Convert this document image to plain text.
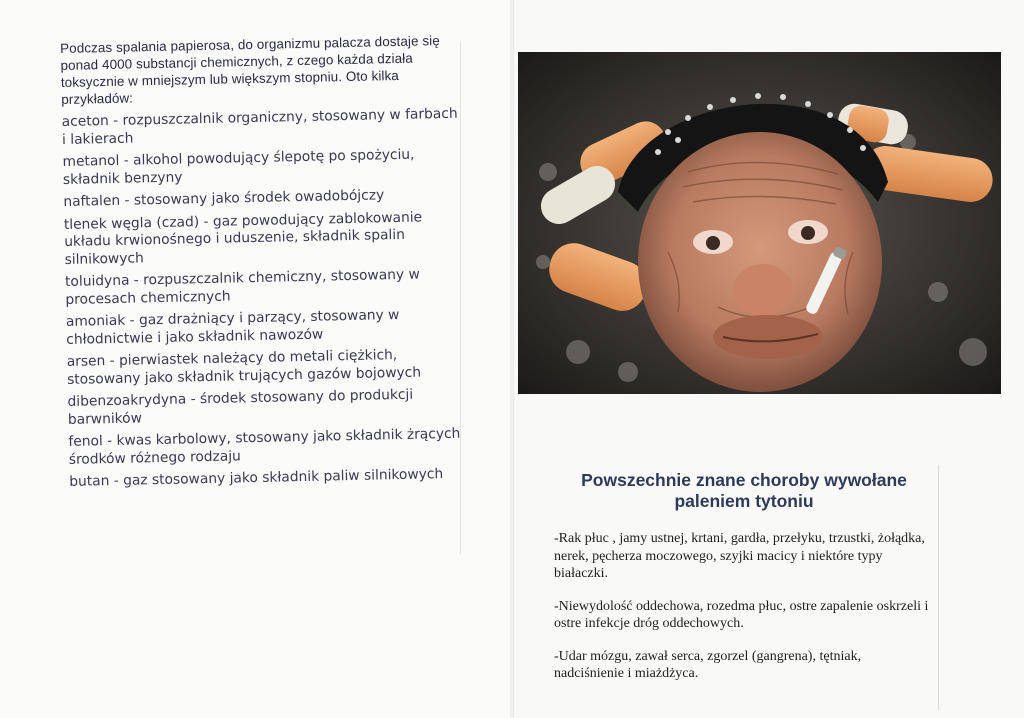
Podczas spalania papierosa, do organizmu palacza dostaje się ponad 4000 substancji chemicznych, z czego każda działa toksycznie w mniejszym lub większym stopniu. Oto kilka przykładów:

aceton - rozpuszczalnik organiczny, stosowany w farbach i lakierach

metanol - alkohol powodujący ślepotę po spożyciu, składnik benzyny

naftalen - stosowany jako środek owadobójczy

tlenek węgla (czad) - gaz powodujący zablokowanie układu krwionośnego i uduszenie, składnik spalin silnikowych

toluidyna - rozpuszczalnik chemiczny, stosowany w procesach chemicznych

amoniak - gaz drażniący i parzący, stosowany w chłodnictwie i jako składnik nawozów

arsen - pierwiastek należący do metali ciężkich, stosowany jako składnik trujących gazów bojowych

dibenzoakrydyna - środek stosowany do produkcji barwników

fenol - kwas karbolowy, stosowany jako składnik żrących środków różnego rodzaju

butan - gaz stosowany jako składnik paliw silnikowych	Powszechnie znane choroby wywołane paleniem tytoniu

-Rak płuc , jamy ustnej, krtani, gardła, przełyku, trzustki, żołądka, nerek, pęcherza moczowego, szyjki macicy i niektóre typy białaczki.

-Niewydolość oddechowa, rozedma płuc, ostre zapalenie oskrzeli i ostre infekcje dróg oddechowych.

-Udar mózgu, zawał serca, zgorzel (gangrena), tętniak, nadciśnienie i miażdżyca.
